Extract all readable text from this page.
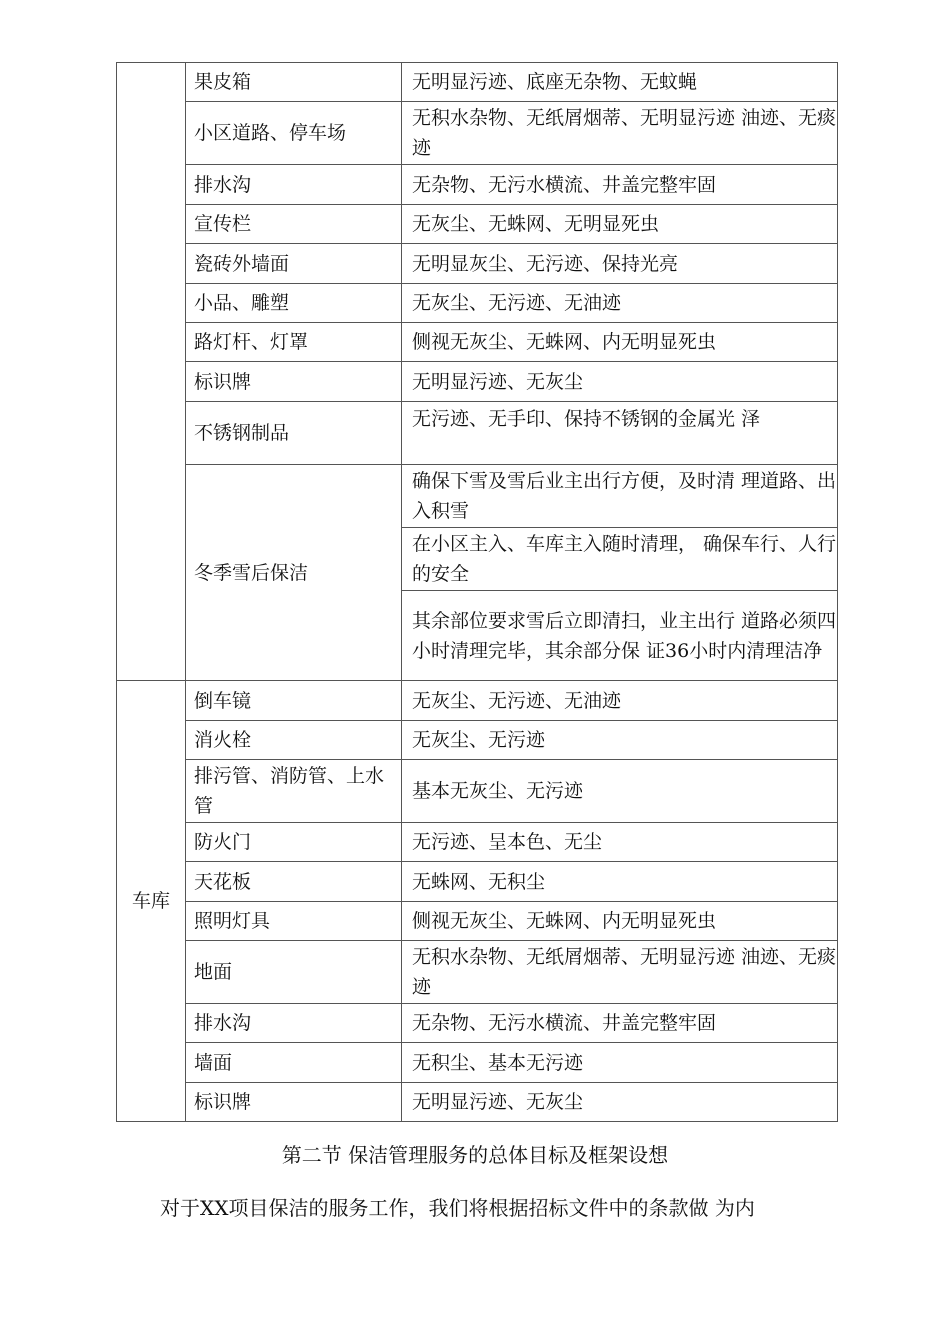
	果皮箱	无明显污迹、底座无杂物、无蚊蝇
	小区道路、停车场	无积水杂物、无纸屑烟蒂、无明显污迹 油迹、无痰迹
	排水沟	无杂物、无污水横流、井盖完整牢固
	宣传栏	无灰尘、无蛛网、无明显死虫
	瓷砖外墙面	无明显灰尘、无污迹、保持光亮
	小品、雕塑	无灰尘、无污迹、无油迹
	路灯杆、灯罩	侧视无灰尘、无蛛网、内无明显死虫
	标识牌	无明显污迹、无灰尘
	不锈钢制品	无污迹、无手印、保持不锈钢的金属光 泽
	冬季雪后保洁	确保下雪及雪后业主出行方便，及时清 理道路、出入积雪
		在小区主入、车库主入随时清理， 确保车行、人行的安全
		其余部位要求雪后立即清扫，业主出行 道路必须四小时清理完毕，其余部分保 证36小时内清理洁净
车库	倒车镜	无灰尘、无污迹、无油迹
	消火栓	无灰尘、无污迹
	排污管、消防管、上水管	基本无灰尘、无污迹
	防火门	无污迹、呈本色、无尘
	天花板	无蛛网、无积尘
	照明灯具	侧视无灰尘、无蛛网、内无明显死虫
	地面	无积水杂物、无纸屑烟蒂、无明显污迹 油迹、无痰迹
	排水沟	无杂物、无污水横流、井盖完整牢固
	墙面	无积尘、基本无污迹
	标识牌	无明显污迹、无灰尘
第二节 保洁管理服务的总体目标及框架设想
对于XX项目保洁的服务工作，我们将根据招标文件中的条款做 为内
